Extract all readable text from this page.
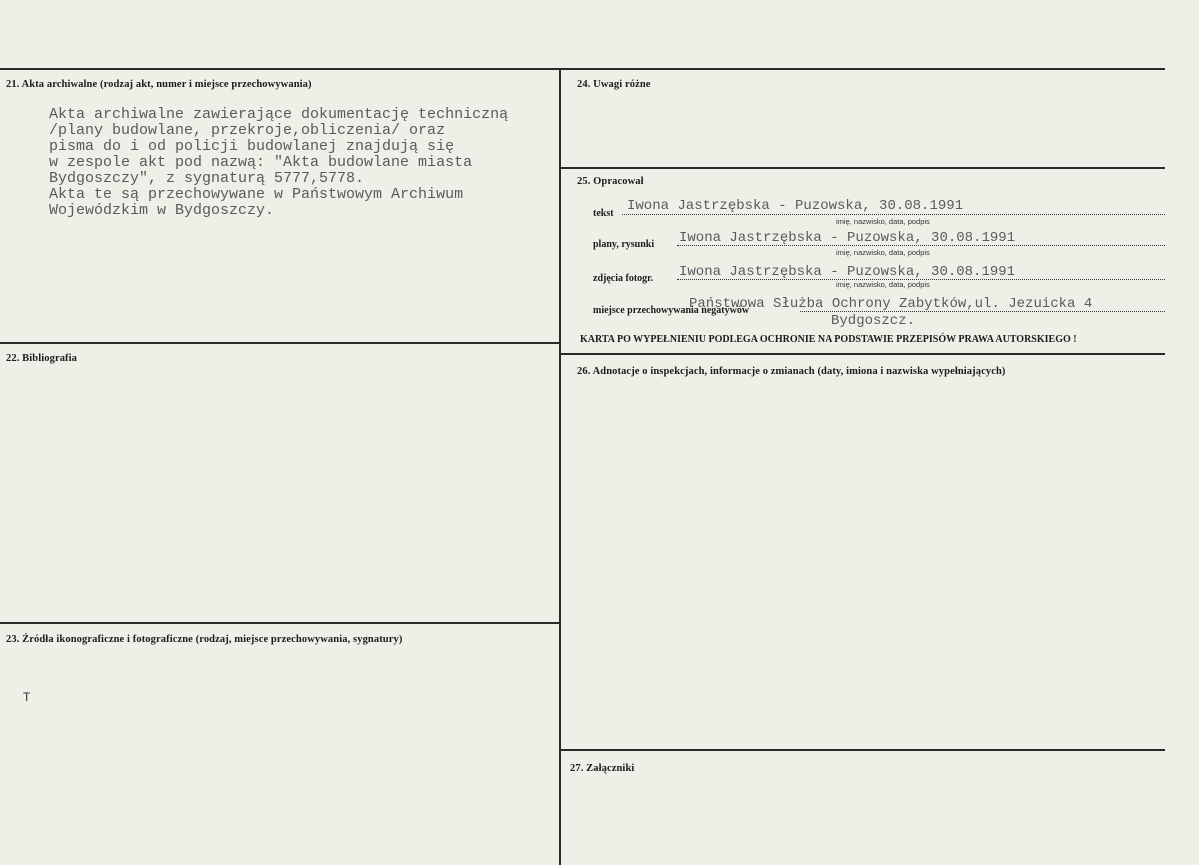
21. Akta archiwalne (rodzaj akt, numer i miejsce przechowywania)
Akta archiwalne zawierające dokumentację techniczną
/plany budowlane, przekroje,obliczenia/ oraz
pisma do i od policji budowlanej znajdują się
w zespole akt pod nazwą: "Akta budowlane miasta
Bydgoszczy", z sygnaturą 5777,5778.
Akta te są przechowywane w Państwowym Archiwum
Wojewódzkim w Bydgoszczy.
22. Bibliografia
23. Źródła ikonograficzne i fotograficzne (rodzaj, miejsce przechowywania, sygnatury)
T
24. Uwagi różne
25. Opracował
tekst Iwona Jastrzębska - Puzowska, 30.08.1991
imię, nazwisko, data, podpis
plany, rysunki Iwona Jastrzębska - Puzowska, 30.08.1991
imię, nazwisko, data, podpis
zdjęcia fotogr. Iwona Jastrzębska - Puzowska, 30.08.1991
imię, nazwisko, data, podpis
miejsce przechowywania negatywów
Państwowa Służba Ochrony Zabytków,ul. Jezuicka 4
Bydgoszcz.
KARTA PO WYPEŁNIENIU PODLEGA OCHRONIE NA PODSTAWIE PRZEPISÓW PRAWA AUTORSKIEGO !
26. Adnotacje o inspekcjach, informacje o zmianach (daty, imiona i nazwiska wypełniających)
27. Załączniki
